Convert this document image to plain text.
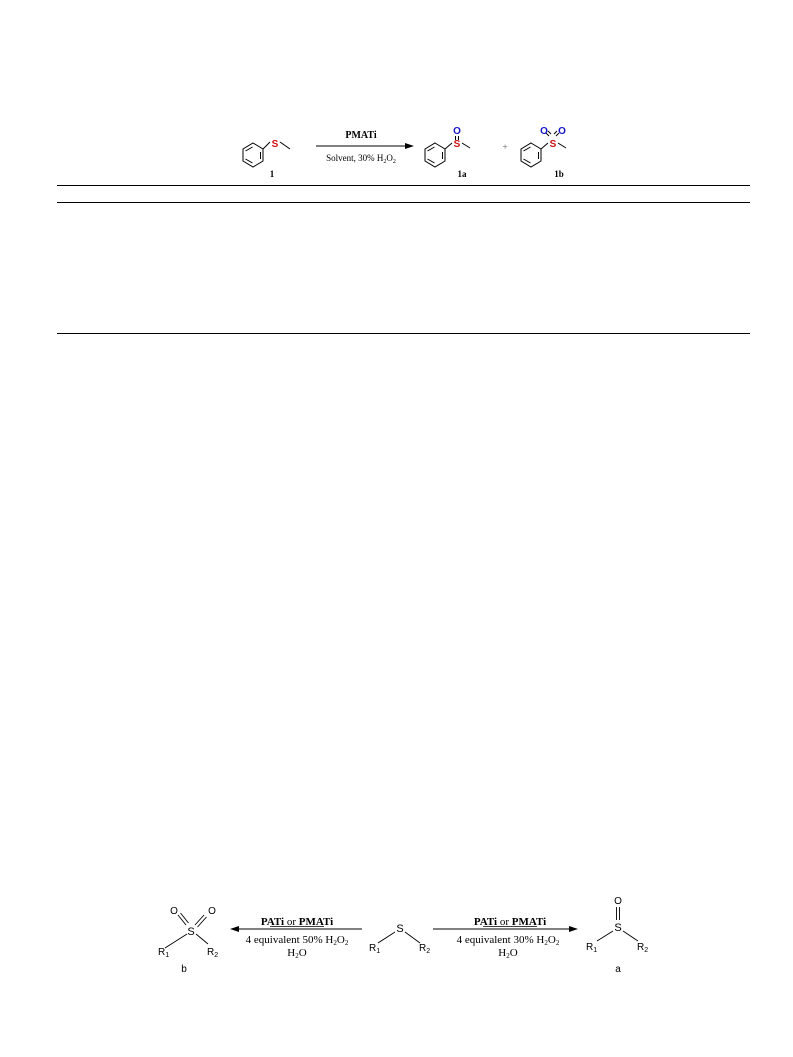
S
1
PMATi
Solvent, 30% $H_2O_2$
S
O
1a
+	S
O O
1b
S
O	O
$R_1$	$R_2$
b
PATi or PMATi
4 equivalent 50% H2O2
H2O
S
$R_1$	$R_2$
PATi or PMATi
4 equivalent 30% H2O2
H2O
S
O
$R_1$	$R_2$
a
